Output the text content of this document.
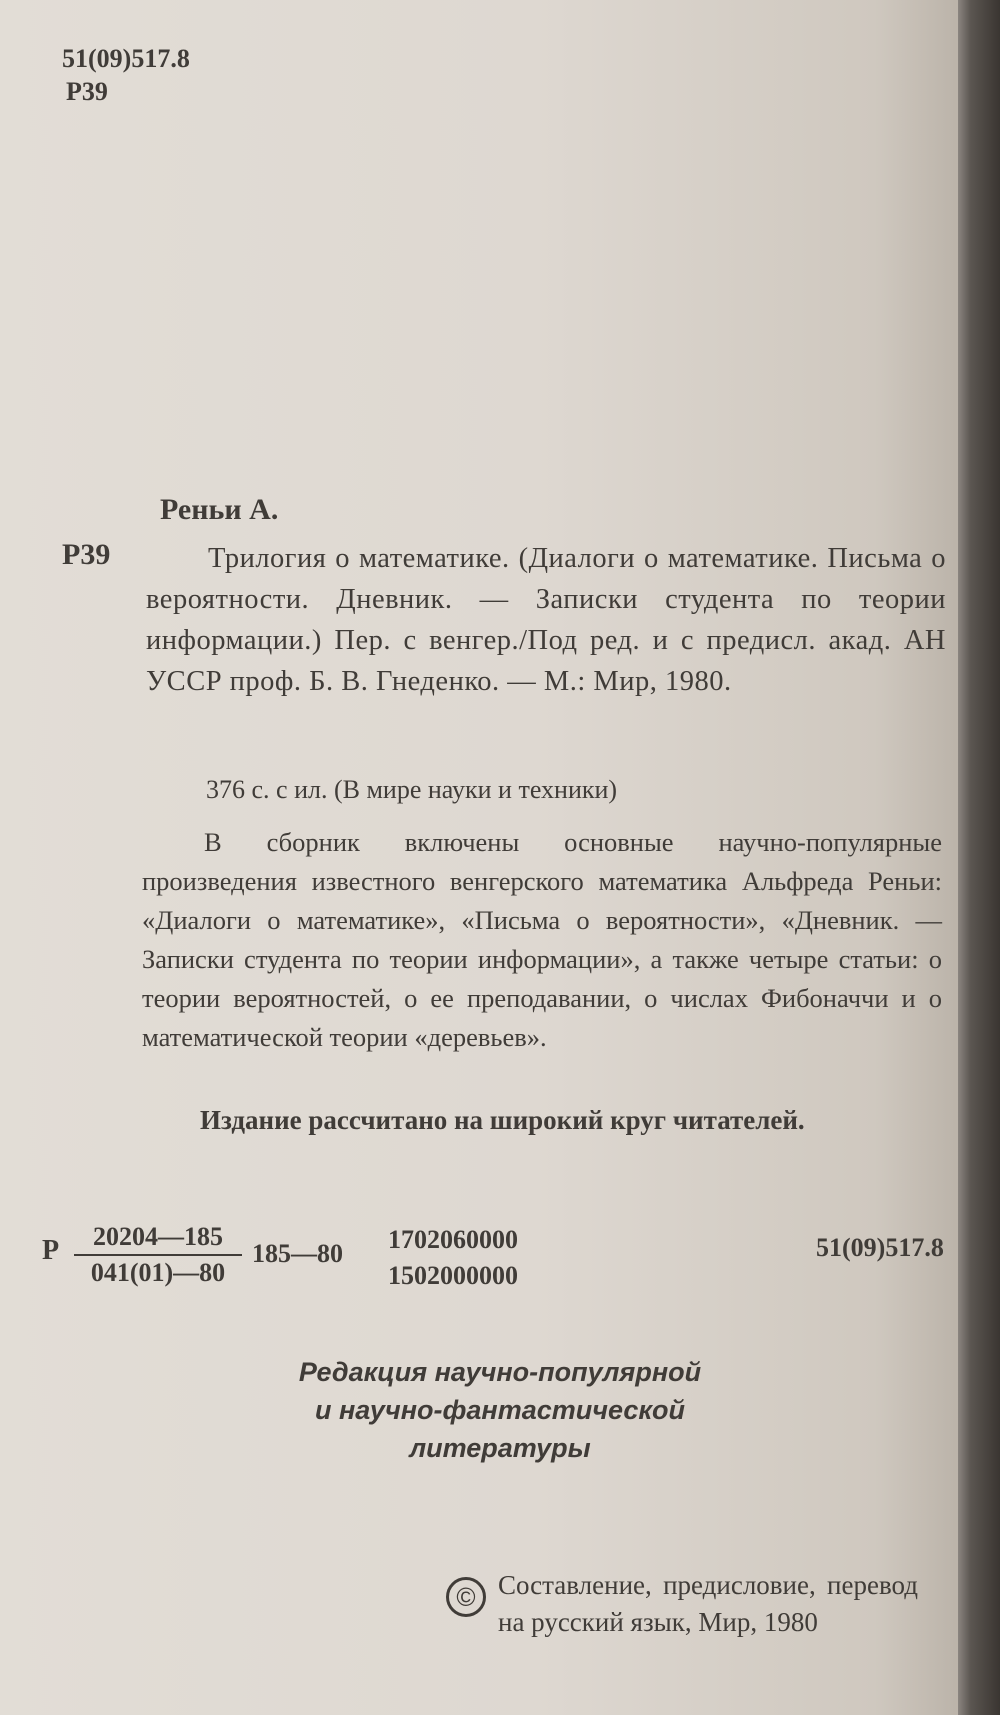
51(09)517.8
Р39
Реньи А.
Р39	Трилогия о математике. (Диалоги о математике. Письма о вероятности. Дневник. — Записки студента по теории информации.) Пер. с венгер./Под ред. и с предисл. акад. АН УССР проф. Б. В. Гнеденко. — М.: Мир, 1980.
376 с. с ил. (В мире науки и техники)
В сборник включены основные научно-популярные произведения известного венгерского математика Альфреда Реньи: «Диалоги о математике», «Письма о вероятности», «Дневник. — Записки студента по теории информации», а также четыре статьи: о теории вероятностей, о ее преподавании, о числах Фибоначчи и о математической теории «деревьев».
Издание рассчитано на широкий круг читателей.
Р $\frac{20204—185}{041(01)—80}$ 185—80 1702060000
1502000000
51(09)517.8
Редакция научно-популярной
и научно-фантастической литературы
© Составление, предисловие, перевод на русский язык, Мир, 1980
